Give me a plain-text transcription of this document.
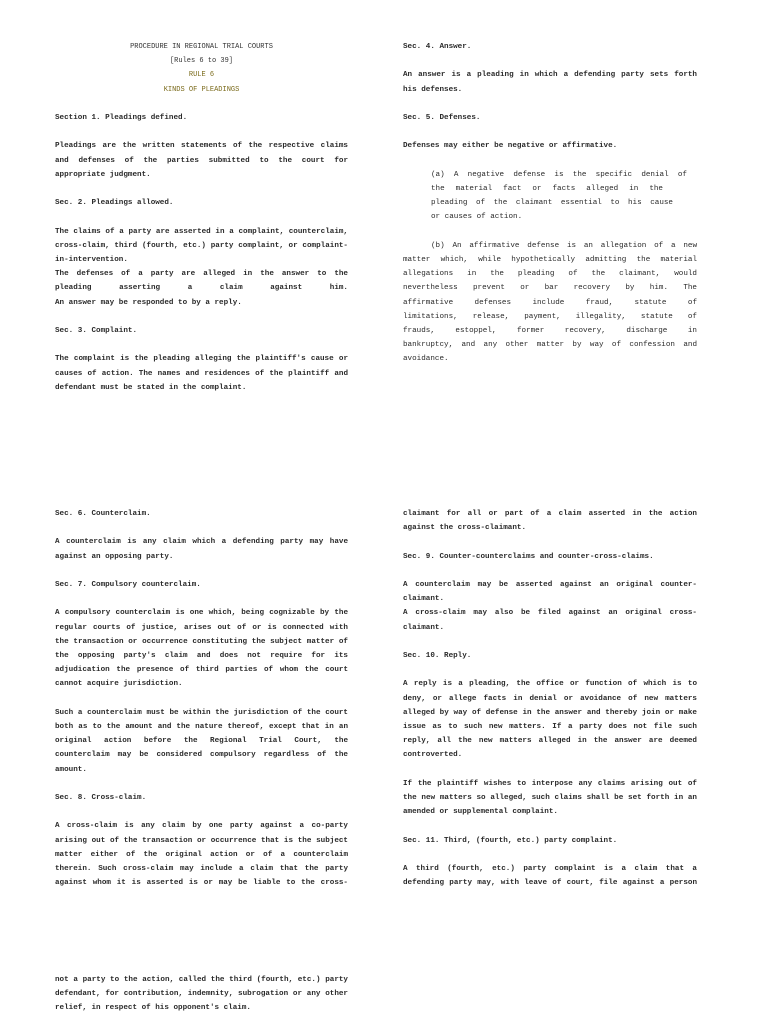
PROCEDURE IN REGIONAL TRIAL COURTS
[Rules 6 to 39]
RULE 6
KINDS OF PLEADINGS
Section 1. Pleadings defined.
Pleadings are the written statements of the respective claims
and defenses of the parties submitted to the court for
appropriate judgment.
Sec. 2. Pleadings allowed.
The claims of a party are asserted in a complaint, counterclaim,
cross-claim, third (fourth, etc.) party complaint, or complaint-
in-intervention.
The defenses of a party are alleged in the answer to the
pleading asserting a claim against him.
An answer may be responded to by a reply.
Sec. 3. Complaint.
The complaint is the pleading alleging the plaintiff's cause or
causes of action. The names and residences of the plaintiff and
defendant must be stated in the complaint.
Sec. 4. Answer.
An answer is a pleading in which a defending party sets forth
his defenses.
Sec. 5. Defenses.
Defenses may either be negative or affirmative.
(a) A negative defense is the specific denial of
the material fact or facts alleged in the
pleading of the claimant essential to his cause
or causes of action.
(b) An affirmative defense is an allegation of a new
matter which, while hypothetically admitting the material
allegations in the pleading of the claimant, would
nevertheless prevent or bar recovery by him. The
affirmative defenses include fraud, statute of
limitations, release, payment, illegality, statute of
frauds, estoppel, former recovery, discharge in
bankruptcy, and any other matter by way of confession and
avoidance.
Sec. 6. Counterclaim.
A counterclaim is any claim which a defending party may have
against an opposing party.
Sec. 7. Compulsory counterclaim.
A compulsory counterclaim is one which, being cognizable by the
regular courts of justice, arises out of or is connected with
the transaction or occurrence constituting the subject matter of
the opposing party's claim and does not require for its
adjudication the presence of third parties of whom the court
cannot acquire jurisdiction.
Such a counterclaim must be within the jurisdiction of the court
both as to the amount and the nature thereof, except that in an
original action before the Regional Trial Court, the
counterclaim may be considered compulsory regardless of the
amount.
Sec. 8. Cross-claim.
A cross-claim is any claim by one party against a co-party
arising out of the transaction or occurrence that is the subject
matter either of the original action or of a counterclaim
therein. Such cross-claim may include a claim that the party
against whom it is asserted is or may be liable to the cross-
claimant for all or part of a claim asserted in the action
against the cross-claimant.
Sec. 9. Counter-counterclaims and counter-cross-claims.
A counterclaim may be asserted against an original counter-
claimant.
A cross-claim may also be filed against an original cross-
claimant.
Sec. 10. Reply.
A reply is a pleading, the office or function of which is to
deny, or allege facts in denial or avoidance of new matters
alleged by way of defense in the answer and thereby join or make
issue as to such new matters. If a party does not file such
reply, all the new matters alleged in the answer are deemed
controverted.
If the plaintiff wishes to interpose any claims arising out of
the new matters so alleged, such claims shall be set forth in an
amended or supplemental complaint.
Sec. 11. Third, (fourth, etc.) party complaint.
A third (fourth, etc.) party complaint is a claim that a
defending party may, with leave of court, file against a person
not a party to the action, called the third (fourth, etc.) party
defendant, for contribution, indemnity, subrogation or any other
relief, in respect of his opponent's claim.
